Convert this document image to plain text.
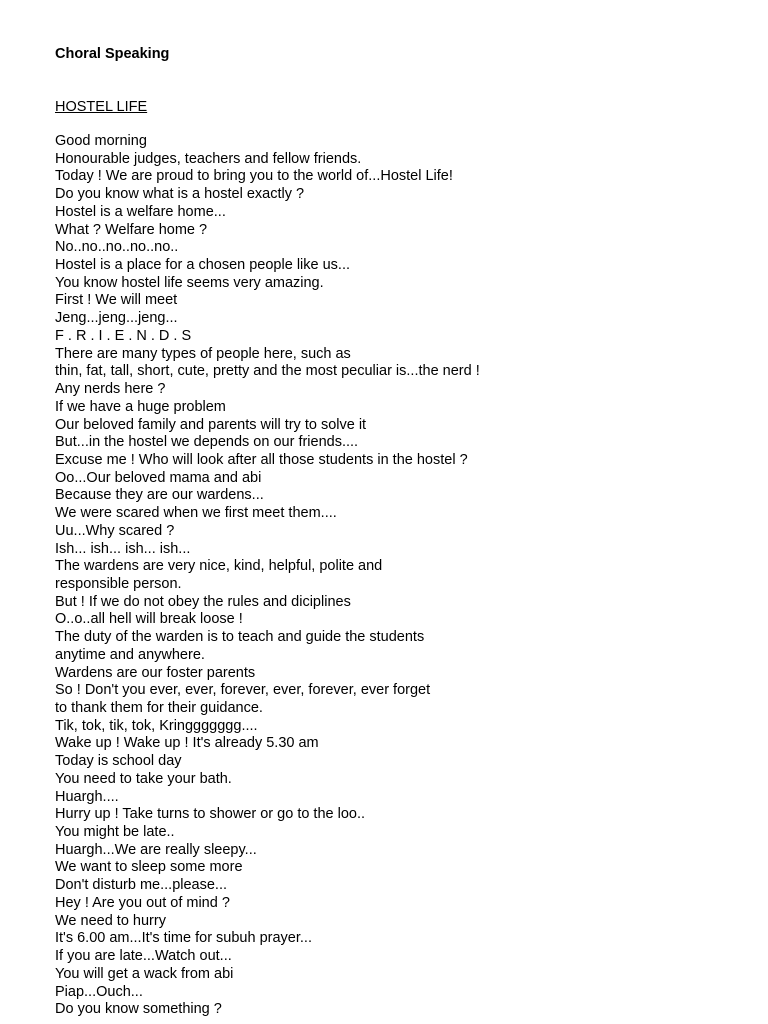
Choral Speaking
HOSTEL LIFE
Good morning
Honourable judges, teachers and fellow friends.
Today ! We are proud to bring you to the world of...Hostel Life!
Do you know what is a hostel exactly ?
Hostel is a welfare home...
What ? Welfare home ?
No..no..no..no..no..
Hostel is a place for a chosen people like us...
You know hostel life seems very amazing.
First ! We will meet
Jeng...jeng...jeng...
F . R . I . E . N . D . S
There are many types of people here, such as
thin, fat, tall, short, cute, pretty and the most peculiar is...the nerd !
Any nerds here ?
If we have a huge problem
Our beloved family and parents will try to solve it
But...in the hostel we depends on our friends....
Excuse me ! Who will look after all those students in the hostel ?
Oo...Our beloved mama and abi
Because they are our wardens...
We were scared when we first meet them....
Uu...Why scared ?
Ish... ish... ish... ish...
The wardens are very nice, kind, helpful, polite and
responsible person.
But ! If we do not obey the rules and diciplines
O..o..all hell will break loose !
The duty of the warden is to teach and guide the students
anytime and anywhere.
Wardens are our foster parents
So ! Don't you ever, ever, forever, ever, forever, ever forget
to thank them for their guidance.
Tik, tok, tik, tok, Kringgggggg....
Wake up ! Wake up ! It's already 5.30 am
Today is school day
You need to take your bath.
Huargh....
Hurry up ! Take turns to shower or go to the loo..
You might be late..
Huargh...We are really sleepy...
We want to sleep some more
Don't disturb me...please...
Hey ! Are you out of mind ?
We need to hurry
It's 6.00 am...It's time for subuh prayer...
If you are late...Watch out...
You will get a wack from abi
Piap...Ouch...
Do you know something ?
